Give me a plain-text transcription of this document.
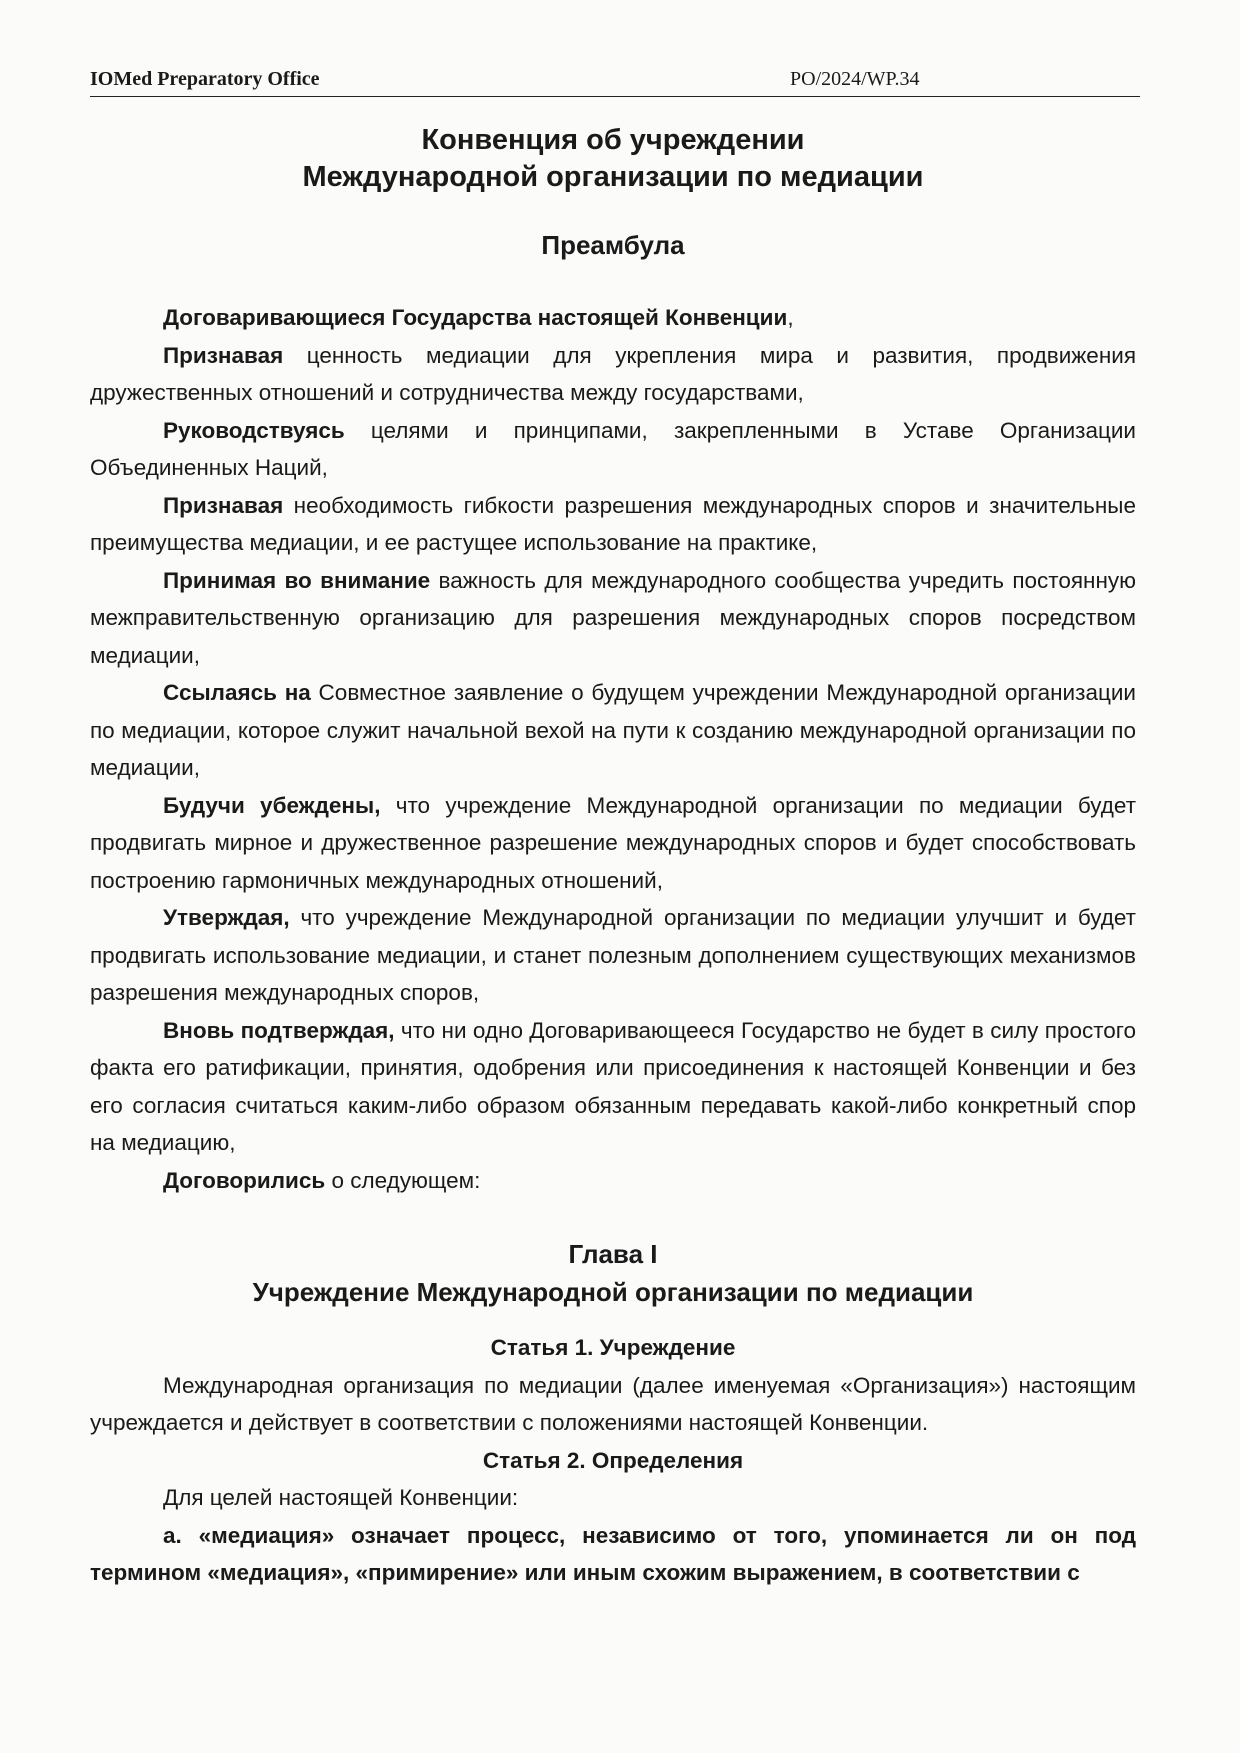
IOMed Preparatory Office	PO/2024/WP.34
Конвенция об учреждении
Международной организации по медиации
Преамбула

Договаривающиеся Государства настоящей Конвенции,

Признавая ценность медиации для укрепления мира и развития, продвижения дружественных отношений и сотрудничества между государствами,

Руководствуясь целями и принципами, закрепленными в Уставе Организации Объединенных Наций,

Признавая необходимость гибкости разрешения международных споров и значительные преимущества медиации, и ее растущее использование на практике,

Принимая во внимание важность для международного сообщества учредить постоянную межправительственную организацию для разрешения международных споров посредством медиации,

Ссылаясь на Совместное заявление о будущем учреждении Международной организации по медиации, которое служит начальной вехой на пути к созданию международной организации по медиации,

Будучи убеждены, что учреждение Международной организации по медиации будет продвигать мирное и дружественное разрешение международных споров и будет способствовать построению гармоничных международных отношений,

Утверждая, что учреждение Международной организации по медиации улучшит и будет продвигать использование медиации, и станет полезным дополнением существующих механизмов разрешения международных споров,

Вновь подтверждая, что ни одно Договаривающееся Государство не будет в силу простого факта его ратификации, принятия, одобрения или присоединения к настоящей Конвенции и без его согласия считаться каким-либо образом обязанным передавать какой-либо конкретный спор на медиацию,

Договорились о следующем:

Глава I
Учреждение Международной организации по медиации
Статья 1. Учреждение

Международная организация по медиации (далее именуемая «Организация») настоящим учреждается и действует в соответствии с положениями настоящей Конвенции.

Статья 2. Определения

Для целей настоящей Конвенции:

а. «медиация» означает процесс, независимо от того, упоминается ли он под термином «медиация», «примирение» или иным схожим выражением, в соответствии с
